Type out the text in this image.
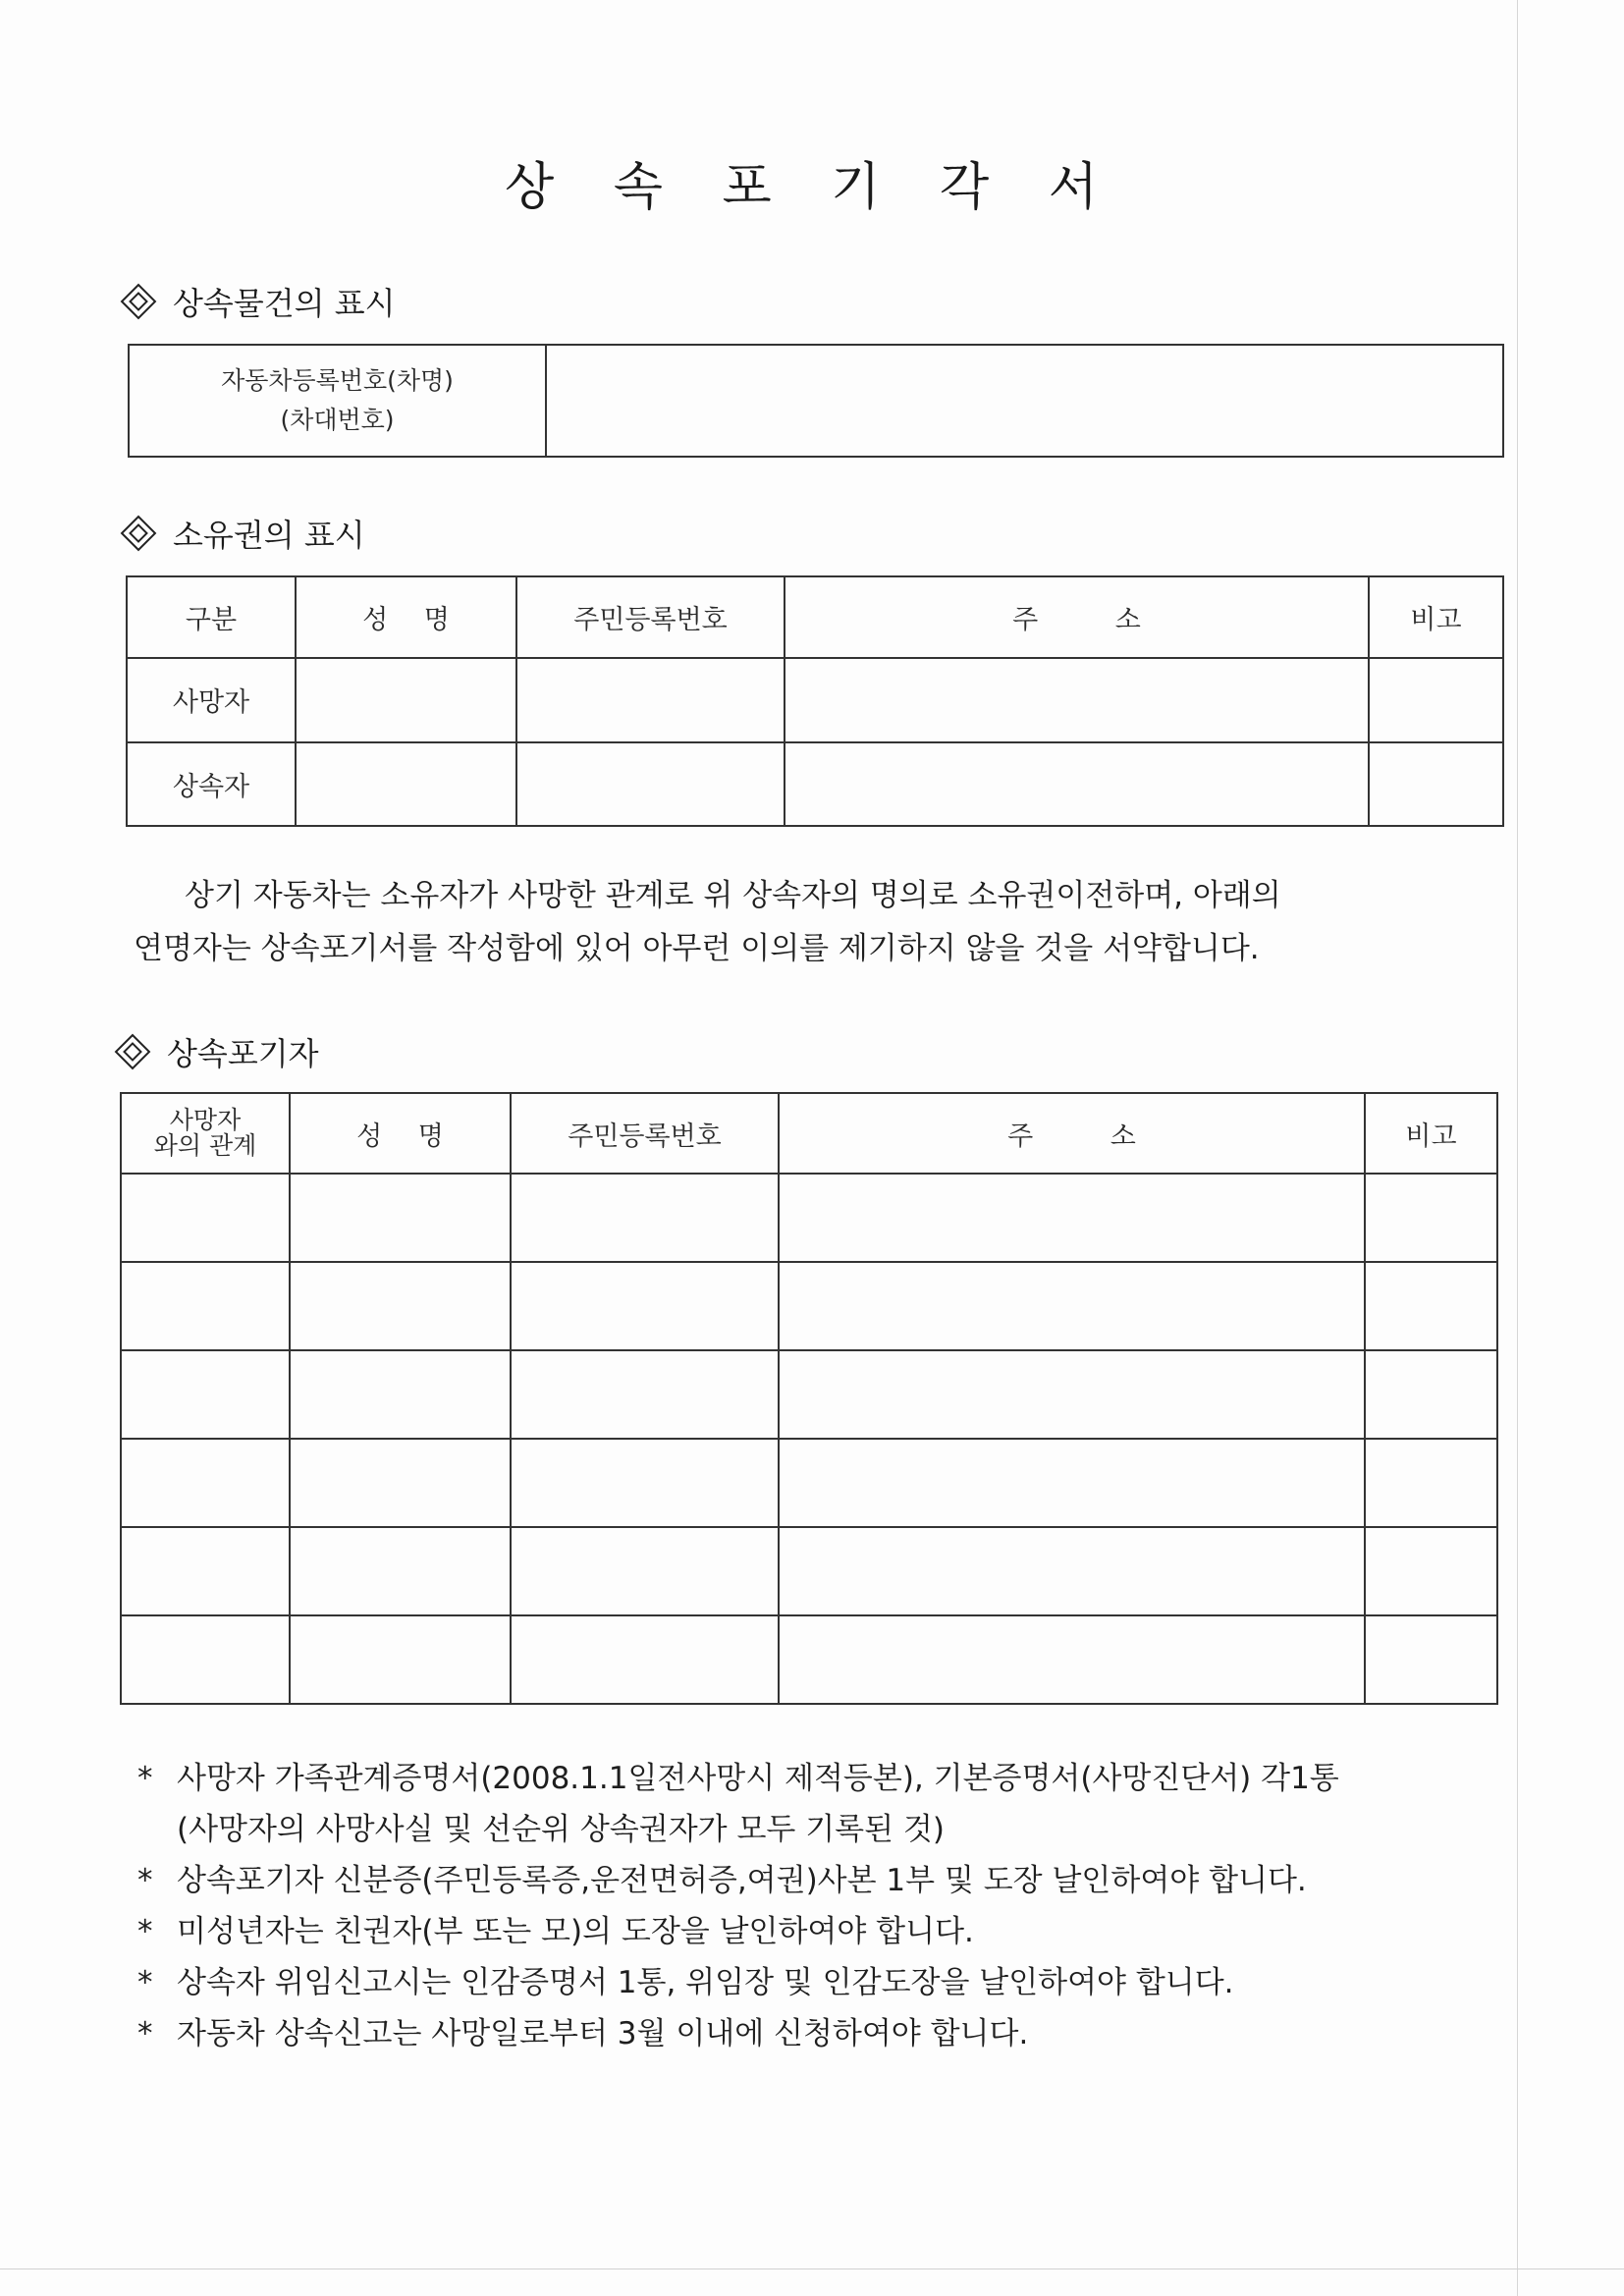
상 속 포 기 각 서
상속물건의 표시
자동차등록번호(차명)
(차대번호)

소유권의 표시
구분	성 명	주민등록번호	주 소	비고
사망자				
상속자				
상기 자동차는 소유자가 사망한 관계로 위 상속자의 명의로 소유권이전하며, 아래의
연명자는 상속포기서를 작성함에 있어 아무런 이의를 제기하지 않을 것을 서약합니다.
상속포기자
사망자
와의 관계	성 명	주민등록번호	주 소	비고

* 사망자 가족관계증명서(2008.1.1일전사망시 제적등본), 기본증명서(사망진단서) 각1통
(사망자의 사망사실 및 선순위 상속권자가 모두 기록된 것)
* 상속포기자 신분증(주민등록증,운전면허증,여권)사본 1부 및 도장 날인하여야 합니다.
* 미성년자는 친권자(부 또는 모)의 도장을 날인하여야 합니다.
* 상속자 위임신고시는 인감증명서 1통, 위임장 및 인감도장을 날인하여야 합니다.
* 자동차 상속신고는 사망일로부터 3월 이내에 신청하여야 합니다.
